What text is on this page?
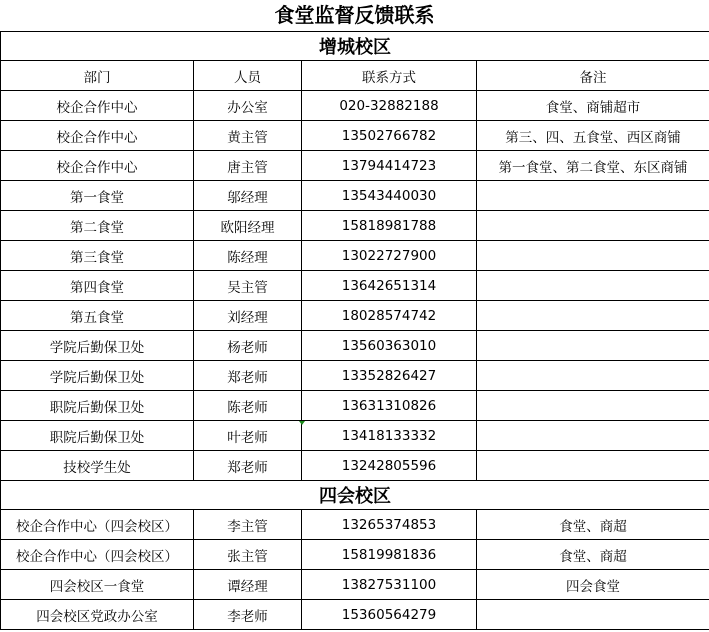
食堂监督反馈联系
增城校区			
部门	人员	联系方式	备注
校企合作中心	办公室	020-32882188	食堂、商铺超市
校企合作中心	黄主管	13502766782	第三、四、五食堂、西区商铺
校企合作中心	唐主管	13794414723	第一食堂、第二食堂、东区商铺
第一食堂	邬经理	13543440030	
第二食堂	欧阳经理	15818981788	
第三食堂	陈经理	13022727900	
第四食堂	吴主管	13642651314	
第五食堂	刘经理	18028574742	
学院后勤保卫处	杨老师	13560363010	
学院后勤保卫处	郑老师	13352826427	
职院后勤保卫处	陈老师	13631310826	
职院后勤保卫处	叶老师	13418133332	
技校学生处	郑老师	13242805596	
四会校区			
校企合作中心（四会校区）	李主管	13265374853	食堂、商超
校企合作中心（四会校区）	张主管	15819981836	食堂、商超
四会校区一食堂	谭经理	13827531100	四会食堂
四会校区党政办公室	李老师	15360564279	
